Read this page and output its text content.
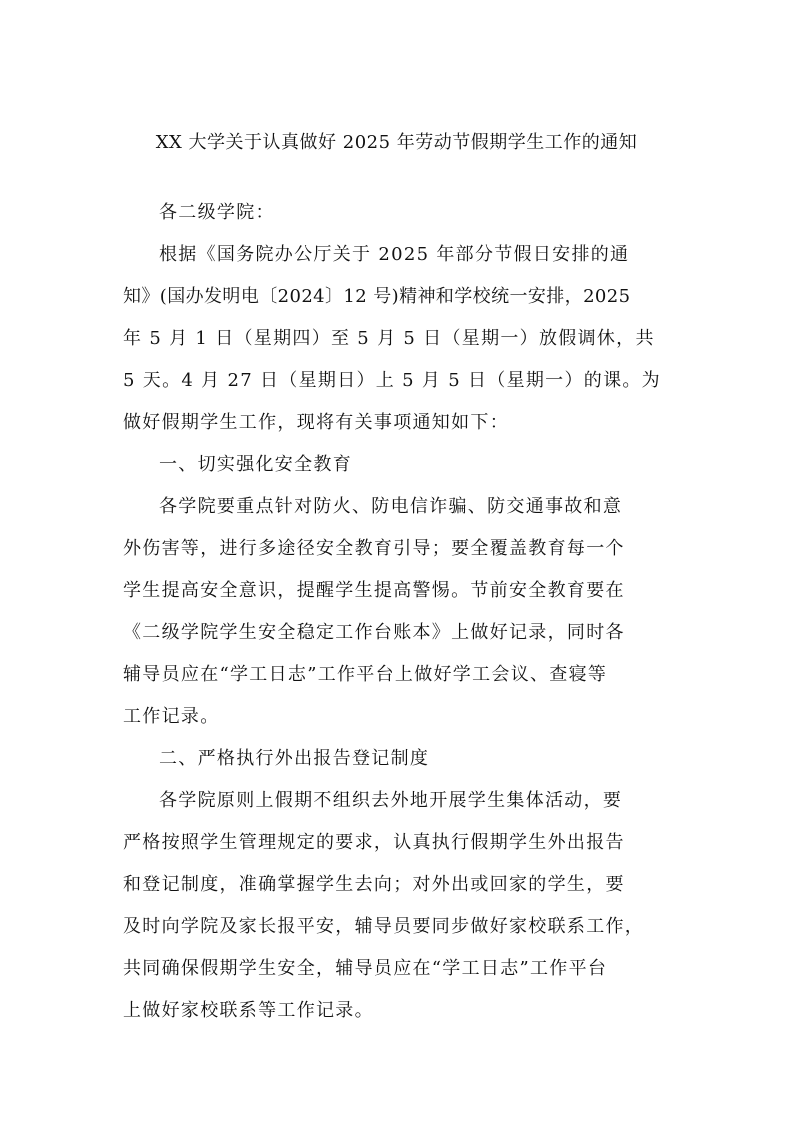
XX 大学关于认真做好 2025 年劳动节假期学生工作的通知
各二级学院：
根据《国务院办公厅关于 2025 年部分节假日安排的通
知》(国办发明电〔2024〕12 号)精神和学校统一安排，2025
年 5 月 1 日（星期四）至 5 月 5 日（星期一）放假调休，共
5 天。4 月 27 日（星期日）上 5 月 5 日（星期一）的课。为
做好假期学生工作，现将有关事项通知如下：
一、切实强化安全教育
各学院要重点针对防火、防电信诈骗、防交通事故和意
外伤害等，进行多途径安全教育引导；要全覆盖教育每一个
学生提高安全意识，提醒学生提高警惕。节前安全教育要在
《二级学院学生安全稳定工作台账本》上做好记录，同时各
辅导员应在“学工日志”工作平台上做好学工会议、查寝等
工作记录。
二、严格执行外出报告登记制度
各学院原则上假期不组织去外地开展学生集体活动，要
严格按照学生管理规定的要求，认真执行假期学生外出报告
和登记制度，准确掌握学生去向；对外出或回家的学生，要
及时向学院及家长报平安，辅导员要同步做好家校联系工作，
共同确保假期学生安全，辅导员应在“学工日志”工作平台
上做好家校联系等工作记录。
